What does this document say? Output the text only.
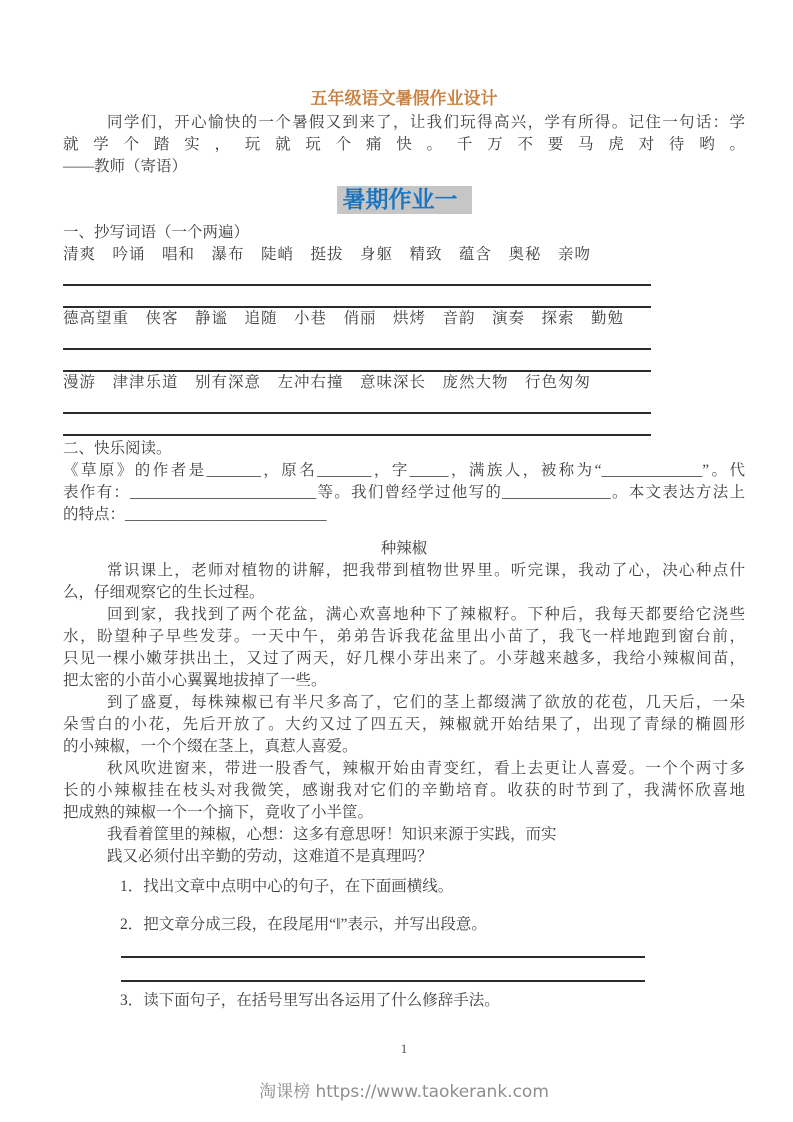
五年级语文暑假作业设计

同学们，开心愉快的一个暑假又到来了，让我们玩得高兴，学有所得。记住一句话：学

就学个踏实，玩就玩个痛快。千万不要马虎对待哟。

——教师（寄语）

暑期作业一

一、抄写词语（一个两遍）

清爽　吟诵　唱和　瀑布　陡峭　挺拔　身躯　精致　蕴含　奥秘　亲吻

德高望重　侠客　静谧　追随　小巷　俏丽　烘烤　音韵　演奏　探索　勤勉

漫游　津津乐道　别有深意　左冲右撞　意味深长　庞然大物　行色匆匆

二、快乐阅读。

《草原》的作者是_______，原名_______，字_____，满族人，被称为“_____________”。代

表作有：________________________等。我们曾经学过他写的______________。本文表达方法上

的特点：__________________________

种辣椒

常识课上，老师对植物的讲解，把我带到植物世界里。听完课，我动了心，决心种点什

么，仔细观察它的生长过程。

回到家，我找到了两个花盆，满心欢喜地种下了辣椒籽。下种后，我每天都要给它浇些

水，盼望种子早些发芽。一天中午，弟弟告诉我花盆里出小苗了，我飞一样地跑到窗台前，

只见一棵小嫩芽拱出土，又过了两天，好几棵小芽出来了。小芽越来越多，我给小辣椒间苗，

把太密的小苗小心翼翼地拔掉了一些。

到了盛夏，每株辣椒已有半尺多高了，它们的茎上都缀满了欲放的花苞，几天后，一朵

朵雪白的小花，先后开放了。大约又过了四五天，辣椒就开始结果了，出现了青绿的椭圆形

的小辣椒，一个个缀在茎上，真惹人喜爱。

秋风吹进窗来，带进一股香气，辣椒开始由青变红，看上去更让人喜爱。一个个两寸多

长的小辣椒挂在枝头对我微笑，感谢我对它们的辛勤培育。收获的时节到了，我满怀欣喜地

把成熟的辣椒一个一个摘下，竟收了小半筐。

我看着筐里的辣椒，心想：这多有意思呀！知识来源于实践，而实

践又必须付出辛勤的劳动，这难道不是真理吗？

1．找出文章中点明中心的句子，在下面画横线。

2．把文章分成三段，在段尾用“‖”表示，并写出段意。

3．读下面句子，在括号里写出各运用了什么修辞手法。

1
淘课榜 https://www.taokerank.com
